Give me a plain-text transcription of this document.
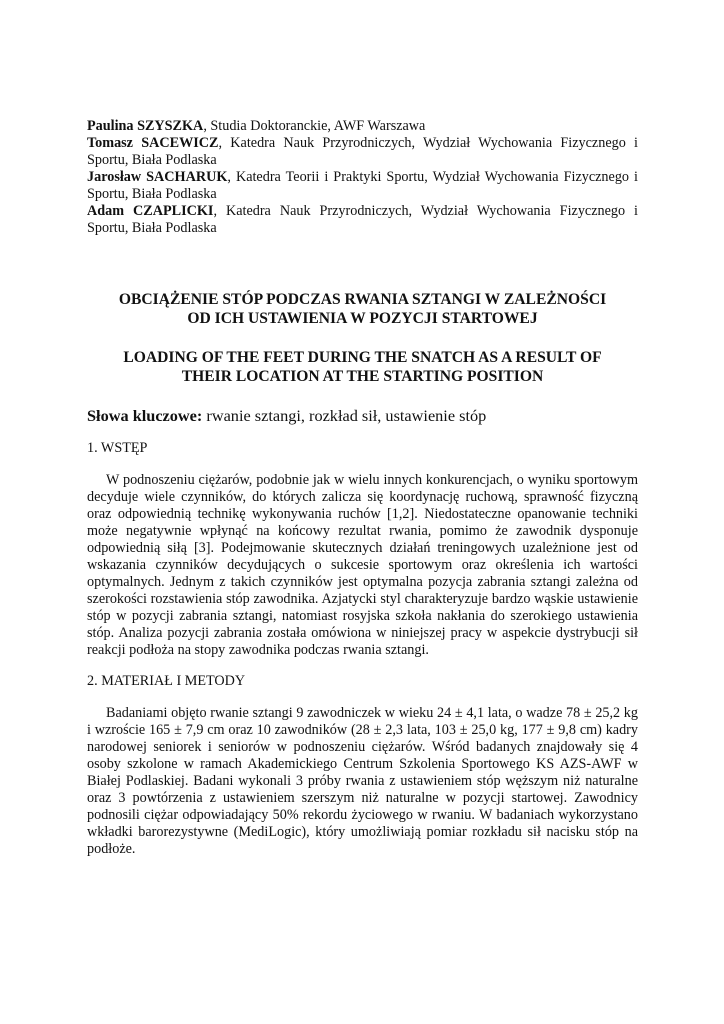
Paulina SZYSZKA, Studia Doktoranckie, AWF Warszawa

Tomasz SACEWICZ, Katedra Nauk Przyrodniczych, Wydział Wychowania Fizycznego i Sportu, Biała Podlaska

Jarosław SACHARUK, Katedra Teorii i Praktyki Sportu, Wydział Wychowania Fizycznego i Sportu, Biała Podlaska

Adam CZAPLICKI, Katedra Nauk Przyrodniczych, Wydział Wychowania Fizycznego i Sportu, Biała Podlaska

OBCIĄŻENIE STÓP PODCZAS RWANIA SZTANGI W ZALEŻNOŚCI
OD ICH USTAWIENIA W POZYCJI STARTOWEJ

LOADING OF THE FEET DURING THE SNATCH AS A RESULT OF
THEIR LOCATION AT THE STARTING POSITION

Słowa kluczowe: rwanie sztangi, rozkład sił, ustawienie stóp

1. WSTĘP

W podnoszeniu ciężarów, podobnie jak w wielu innych konkurencjach, o wyniku sportowym decyduje wiele czynników, do których zalicza się koordynację ruchową, sprawność fizyczną oraz odpowiednią technikę wykonywania ruchów [1,2]. Niedostateczne opanowanie techniki może negatywnie wpłynąć na końcowy rezultat rwania, pomimo że zawodnik dysponuje odpowiednią siłą [3]. Podejmowanie skutecznych działań treningowych uzależnione jest od wskazania czynników decydujących o sukcesie sportowym oraz określenia ich wartości optymalnych. Jednym z takich czynników jest optymalna pozycja zabrania sztangi zależna od szerokości rozstawienia stóp zawodnika. Azjatycki styl charakteryzuje bardzo wąskie ustawienie stóp w pozycji zabrania sztangi, natomiast rosyjska szkoła nakłania do szerokiego ustawienia stóp. Analiza pozycji zabrania została omówiona w niniejszej pracy w aspekcie dystrybucji sił reakcji podłoża na stopy zawodnika podczas rwania sztangi.

2. MATERIAŁ I METODY

Badaniami objęto rwanie sztangi 9 zawodniczek w wieku 24 ± 4,1 lata, o wadze 78 ± 25,2 kg i wzroście 165 ± 7,9 cm oraz 10 zawodników (28 ± 2,3 lata, 103 ± 25,0 kg, 177 ± 9,8 cm) kadry narodowej seniorek i seniorów w podnoszeniu ciężarów. Wśród badanych znajdowały się 4 osoby szkolone w ramach Akademickiego Centrum Szkolenia Sportowego KS AZS-AWF w Białej Podlaskiej. Badani wykonali 3 próby rwania z ustawieniem stóp węższym niż naturalne oraz 3 powtórzenia z ustawieniem szerszym niż naturalne w pozycji startowej. Zawodnicy podnosili ciężar odpowiadający 50% rekordu życiowego w rwaniu. W badaniach wykorzystano wkładki barorezystywne (MediLogic), który umożliwiają pomiar rozkładu sił nacisku stóp na podłoże.
